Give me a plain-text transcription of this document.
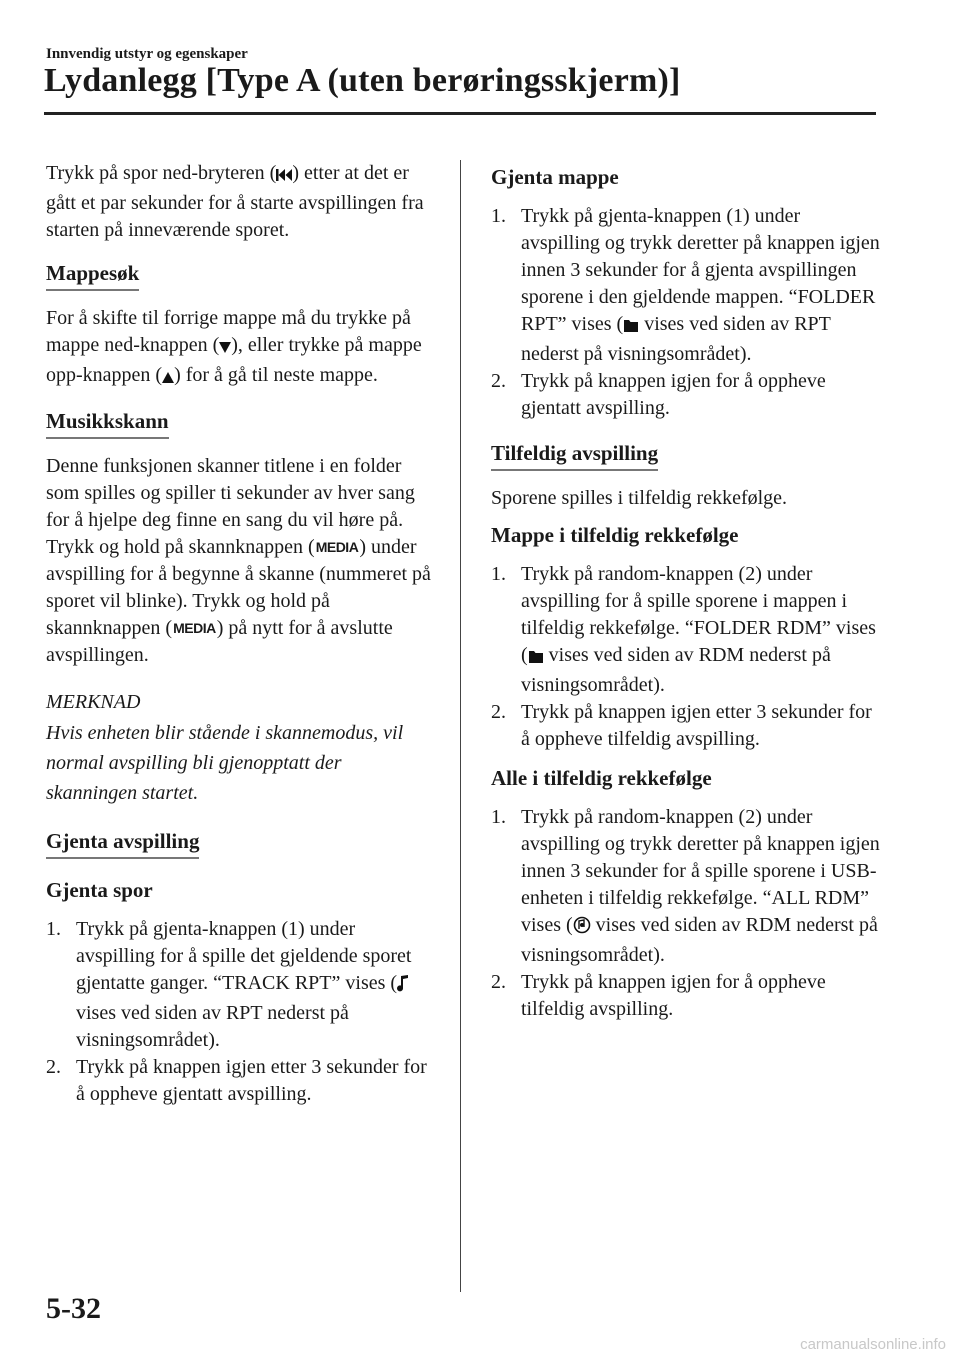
Innvendig utstyr og egenskaper
Lydanlegg [Type A (uten berøringsskjerm)]

Trykk på spor ned-bryteren ( ) etter at det er gått et par sekunder for å starte avspillingen fra starten på inneværende sporet.

Mappesøk

For å skifte til forrige mappe må du trykke på mappe ned-knappen ( ), eller trykke på mappe opp-knappen ( ) for å gå til neste mappe.

Musikkskann

Denne funksjonen skanner titlene i en folder som spilles og spiller ti sekunder av hver sang for å hjelpe deg finne en sang du vil høre på.

Trykk og hold på skannknappen (MEDIA) under avspilling for å begynne å skanne (nummeret på sporet vil blinke). Trykk og hold på skannknappen (MEDIA) på nytt for å avslutte avspillingen.

MERKNAD
Hvis enheten blir stående i skannemodus, vil normal avspilling bli gjenopptatt der skanningen startet.
Gjenta avspilling
Gjenta spor
1. Trykk på gjenta-knappen (1) under avspilling for å spille det gjeldende sporet gjentatte ganger. “TRACK RPT” vises ( vises ved siden av RPT nederst på visningsområdet).
2. Trykk på knappen igjen etter 3 sekunder for å oppheve gjentatt avspilling.
Gjenta mappe
1. Trykk på gjenta-knappen (1) under avspilling og trykk deretter på knappen igjen innen 3 sekunder for å gjenta avspillingen sporene i den gjeldende mappen. “FOLDER RPT” vises ( vises ved siden av RPT nederst på visningsområdet).
2. Trykk på knappen igjen for å oppheve gjentatt avspilling.
Tilfeldig avspilling

Sporene spilles i tilfeldig rekkefølge.

Mappe i tilfeldig rekkefølge
1. Trykk på random-knappen (2) under avspilling for å spille sporene i mappen i tilfeldig rekkefølge. “FOLDER RDM” vises ( vises ved siden av RDM nederst på visningsområdet).
2. Trykk på knappen igjen etter 3 sekunder for å oppheve tilfeldig avspilling.
Alle i tilfeldig rekkefølge
1. Trykk på random-knappen (2) under avspilling og trykk deretter på knappen igjen innen 3 sekunder for å spille sporene i USB-enheten i tilfeldig rekkefølge. “ALL RDM” vises ( vises ved siden av RDM nederst på visningsområdet).
2. Trykk på knappen igjen for å oppheve tilfeldig avspilling.
5-32
carmanualsonline.info
